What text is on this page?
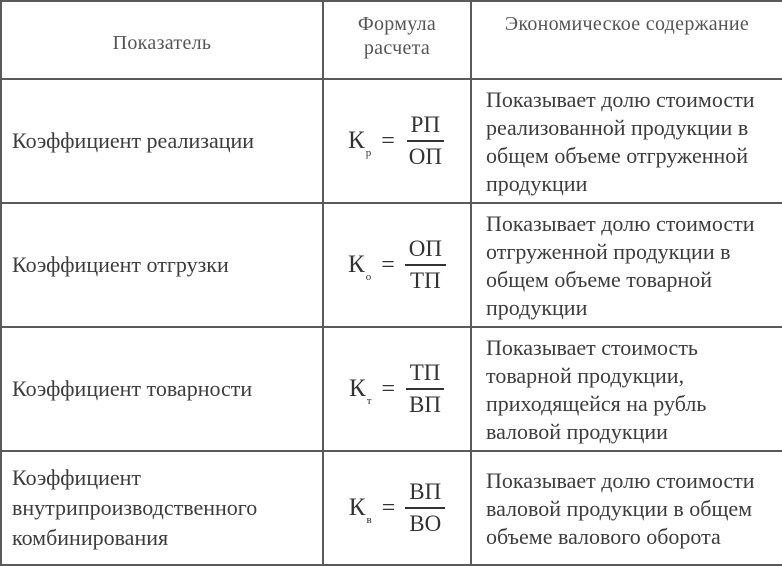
Показатель	Формула расчета	Экономическое содержание
Коэффициент реализации	$К_р = \frac{РП}{ОП}$	Показывает долю стоимости реализованной продукции в общем объеме отгруженной продукции
Коэффициент отгрузки	$К_о = \frac{ОП}{ТП}$	Показывает долю стоимости отгруженной продукции в общем объеме товарной продукции
Коэффициент товарности	$К_т = \frac{ТП}{ВП}$	Показывает стоимость товарной продукции, приходящейся на рубль валовой продукции
Коэффициент внутрипроизводственного комбинирования	$К_в = \frac{ВП}{ВО}$	Показывает долю стоимости валовой продукции в общем объеме валового оборота
